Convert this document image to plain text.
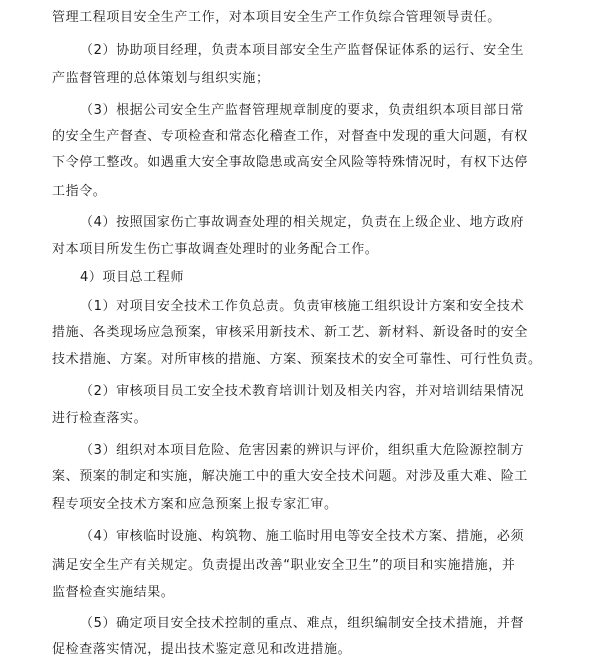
管理工程项目安全生产工作，对本项目安全生产工作负综合管理领导责任。
（2）协助项目经理，负责本项目部安全生产监督保证体系的运行、安全生
产监督管理的总体策划与组织实施；
（3）根据公司安全生产监督管理规章制度的要求，负责组织本项目部日常
的安全生产督查、专项检查和常态化稽查工作，对督查中发现的重大问题，有权
下令停工整改。如遇重大安全事故隐患或高安全风险等特殊情况时，有权下达停
工指令。
（4）按照国家伤亡事故调查处理的相关规定，负责在上级企业、地方政府
对本项目所发生伤亡事故调查处理时的业务配合工作。
4）项目总工程师
（1）对项目安全技术工作负总责。负责审核施工组织设计方案和安全技术
措施、各类现场应急预案，审核采用新技术、新工艺、新材料、新设备时的安全
技术措施、方案。对所审核的措施、方案、预案技术的安全可靠性、可行性负责。
（2）审核项目员工安全技术教育培训计划及相关内容，并对培训结果情况
进行检查落实。
（3）组织对本项目危险、危害因素的辨识与评价，组织重大危险源控制方
案、预案的制定和实施，解决施工中的重大安全技术问题。对涉及重大难、险工
程专项安全技术方案和应急预案上报专家汇审。
（4）审核临时设施、构筑物、施工临时用电等安全技术方案、措施，必须
满足安全生产有关规定。负责提出改善“职业安全卫生”的项目和实施措施，并
监督检查实施结果。
（5）确定项目安全技术控制的重点、难点，组织编制安全技术措施，并督
促检查落实情况，提出技术鉴定意见和改进措施。
